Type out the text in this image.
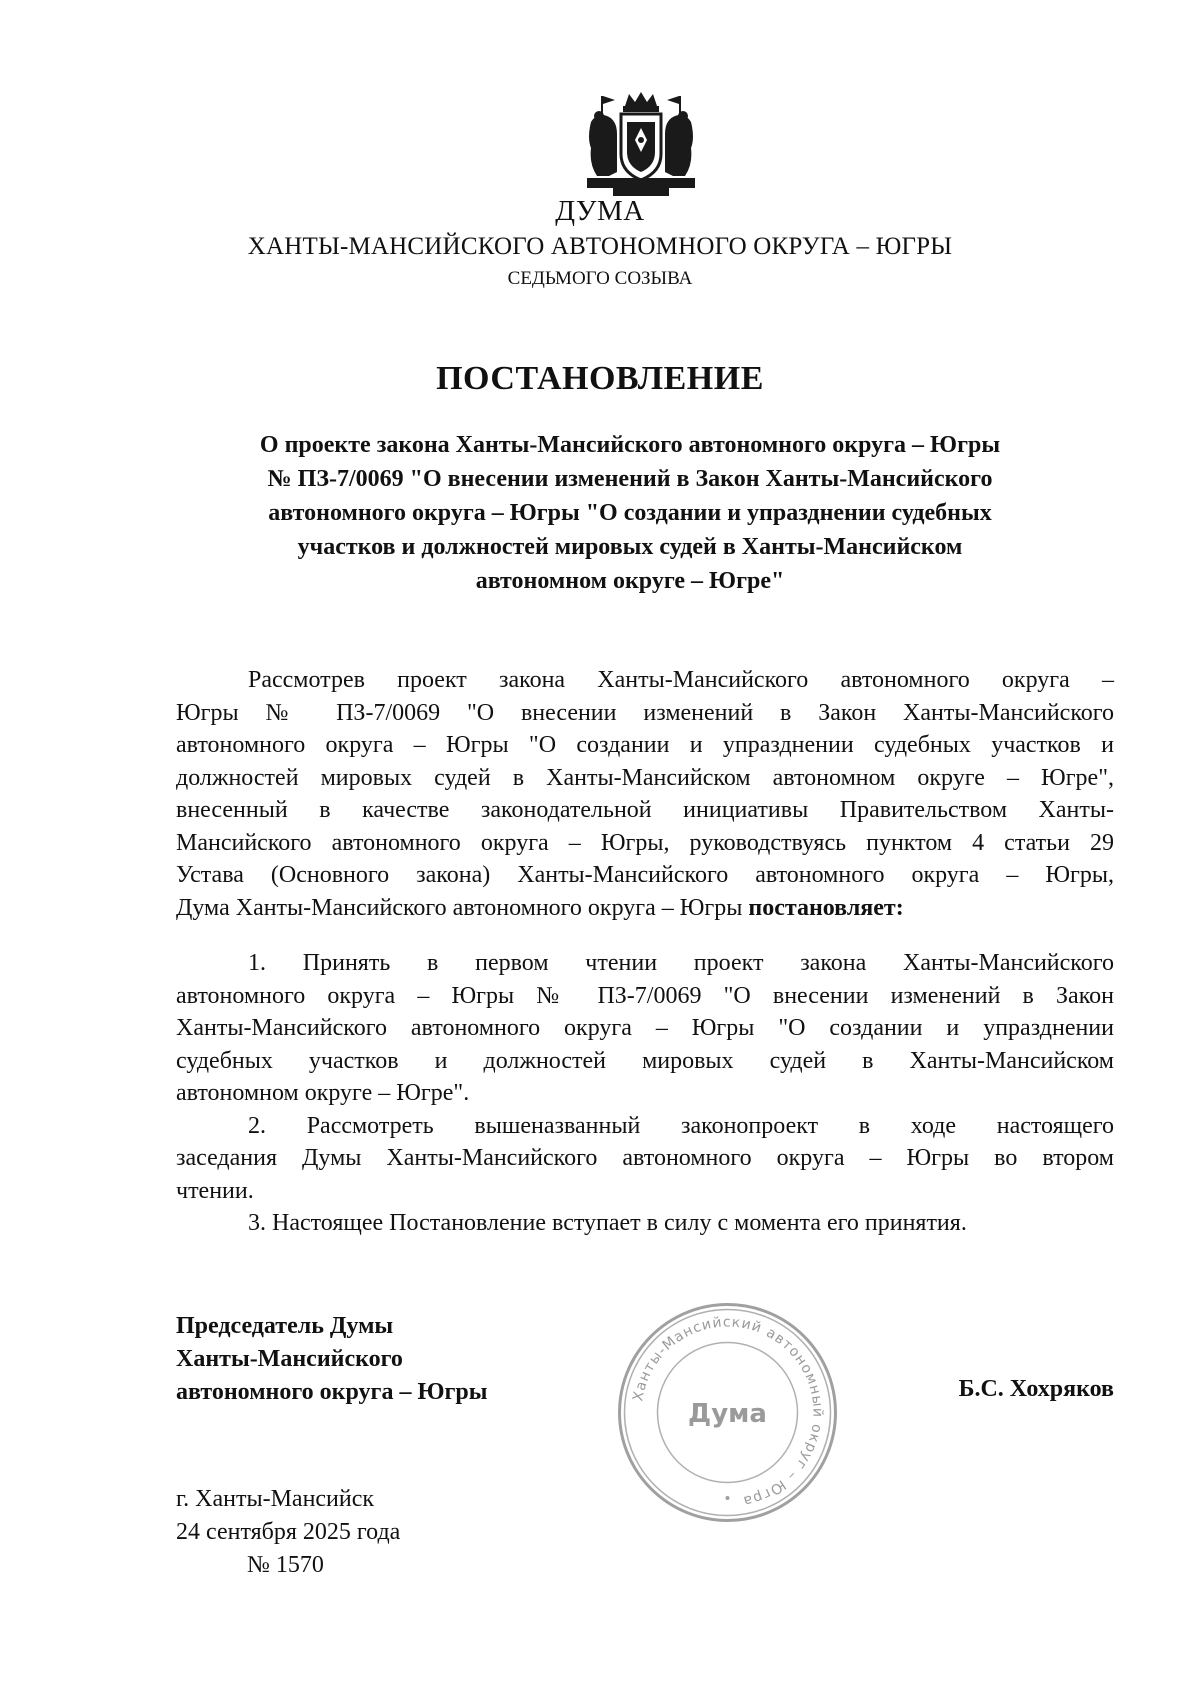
ДУМА
ХАНТЫ-МАНСИЙСКОГО АВТОНОМНОГО ОКРУГА – ЮГРЫ
СЕДЬМОГО СОЗЫВА
ПОСТАНОВЛЕНИЕ
О проекте закона Ханты-Мансийского автономного округа – Югры
№ ПЗ-7/0069 "О внесении изменений в Закон Ханты-Мансийского
автономного округа – Югры "О создании и упразднении судебных
участков и должностей мировых судей в Ханты-Мансийском
автономном округе – Югре"
Рассмотрев проект закона Ханты-Мансийского автономного округа –
Югры № ПЗ-7/0069 "О внесении изменений в Закон Ханты-Мансийского
автономного округа – Югры "О создании и упразднении судебных участков и
должностей мировых судей в Ханты-Мансийском автономном округе – Югре",
внесенный в качестве законодательной инициативы Правительством Ханты-
Мансийского автономного округа – Югры, руководствуясь пунктом 4 статьи 29
Устава (Основного закона) Ханты-Мансийского автономного округа – Югры,
Дума Ханты-Мансийского автономного округа – Югры постановляет:
1. Принять в первом чтении проект закона Ханты-Мансийского
автономного округа – Югры № ПЗ-7/0069 "О внесении изменений в Закон
Ханты-Мансийского автономного округа – Югры "О создании и упразднении
судебных участков и должностей мировых судей в Ханты-Мансийском
автономном округе – Югре".
2. Рассмотреть вышеназванный законопроект в ходе настоящего
заседания Думы Ханты-Мансийского автономного округа – Югры во втором
чтении.
3. Настоящее Постановление вступает в силу с момента его принятия.
Председатель Думы
Ханты-Мансийского
автономного округа – Югры	Ханты-Мансийский автономный округ – Югра
Дума
Б.С. Хохряков
г. Ханты-Мансийск
24 сентября 2025 года
№ 1570
